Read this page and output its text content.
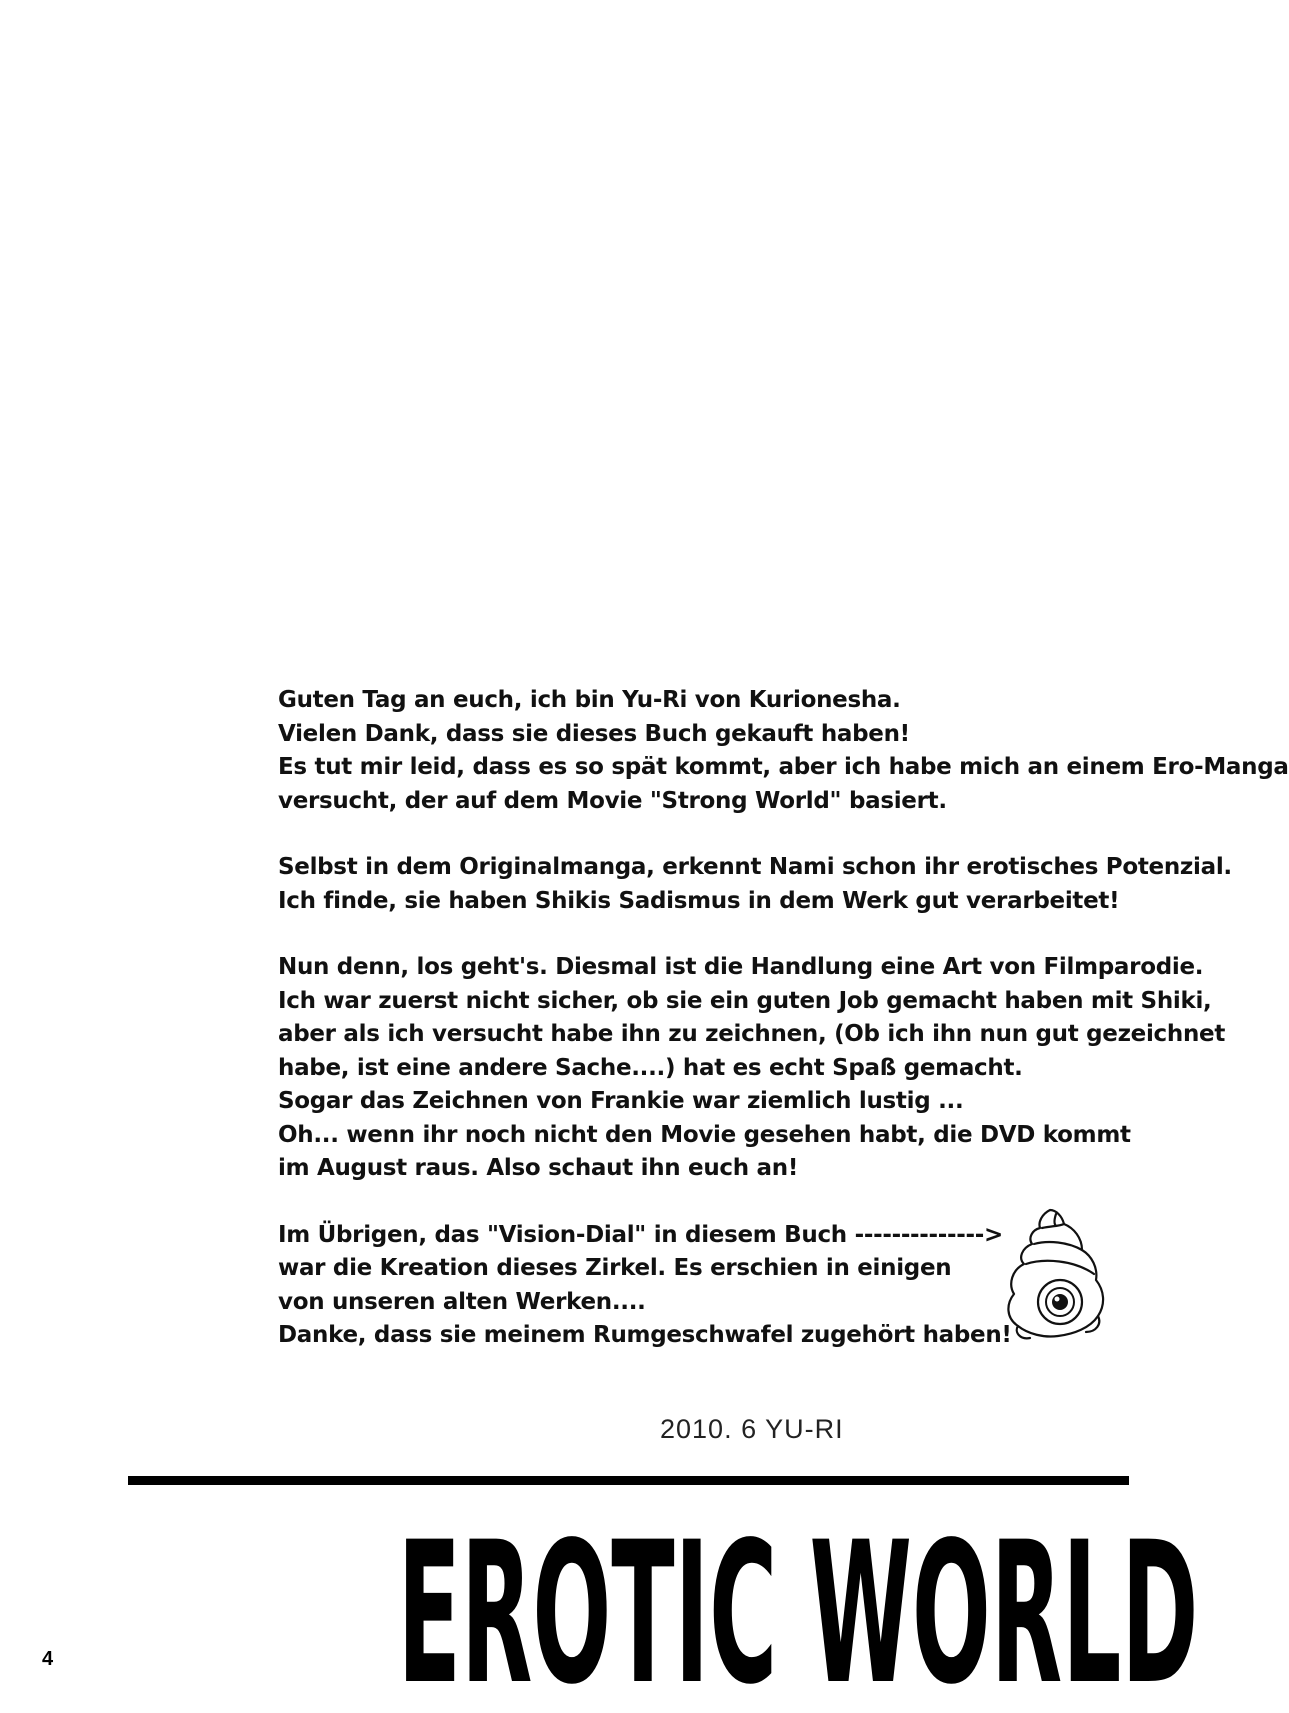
Guten Tag an euch, ich bin Yu-Ri von Kurionesha.

Vielen Dank, dass sie dieses Buch gekauft haben!

Es tut mir leid, dass es so spät kommt, aber ich habe mich an einem Ero-Manga

versucht, der auf dem Movie "Strong World" basiert.

Selbst in dem Originalmanga, erkennt Nami schon ihr erotisches Potenzial.

Ich finde, sie haben Shikis Sadismus in dem Werk gut verarbeitet!

Nun denn, los geht's. Diesmal ist die Handlung eine Art von Filmparodie.

Ich war zuerst nicht sicher, ob sie ein guten Job gemacht haben mit Shiki,

aber als ich versucht habe ihn zu zeichnen, (Ob ich ihn nun gut gezeichnet

habe, ist eine andere Sache....) hat es echt Spaß gemacht.

Sogar das Zeichnen von Frankie war ziemlich lustig ...

Oh... wenn ihr noch nicht den Movie gesehen habt, die DVD kommt

im August raus. Also schaut ihn euch an!

Im Übrigen, das "Vision-Dial" in diesem Buch -------------->

war die Kreation dieses Zirkel. Es erschien in einigen

von unseren alten Werken....

Danke, dass sie meinem Rumgeschwafel zugehört haben!

2010. 6 YU-RI
EROTIC WORLD
4
